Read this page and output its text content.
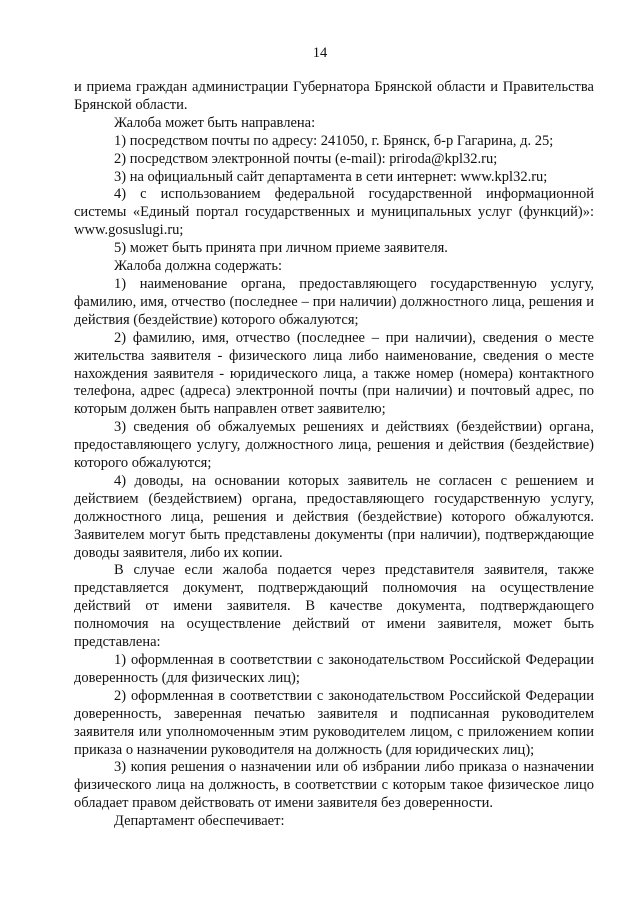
14

и приема граждан администрации Губернатора Брянской области и Правительства Брянской области.

Жалоба может быть направлена:

1) посредством почты по адресу: 241050, г. Брянск, б-р Гагарина, д. 25;

2) посредством электронной почты (e-mail): priroda@kpl32.ru;

3) на официальный сайт департамента в сети интернет: www.kpl32.ru;

4) с использованием федеральной государственной информационной системы «Единый портал государственных и муниципальных услуг (функций)»: www.gosuslugi.ru;

5) может быть принята при личном приеме заявителя.

Жалоба должна содержать:

1) наименование органа, предоставляющего государственную услугу, фамилию, имя, отчество (последнее – при наличии) должностного лица, решения и действия (бездействие) которого обжалуются;

2) фамилию, имя, отчество (последнее – при наличии), сведения о месте жительства заявителя - физического лица либо наименование, сведения о месте нахождения заявителя - юридического лица, а также номер (номера) контактного телефона, адрес (адреса) электронной почты (при наличии) и почтовый адрес, по которым должен быть направлен ответ заявителю;

3) сведения об обжалуемых решениях и действиях (бездействии) органа, предоставляющего услугу, должностного лица, решения и действия (бездействие) которого обжалуются;

4) доводы, на основании которых заявитель не согласен с решением и действием (бездействием) органа, предоставляющего государственную услугу, должностного лица, решения и действия (бездействие) которого обжалуются. Заявителем могут быть представлены документы (при наличии), подтверждающие доводы заявителя, либо их копии.

В случае если жалоба подается через представителя заявителя, также представляется документ, подтверждающий полномочия на осуществление действий от имени заявителя. В качестве документа, подтверждающего полномочия на осуществление действий от имени заявителя, может быть представлена:

1) оформленная в соответствии с законодательством Российской Федерации доверенность (для физических лиц);

2) оформленная в соответствии с законодательством Российской Федерации доверенность, заверенная печатью заявителя и подписанная руководителем заявителя или уполномоченным этим руководителем лицом, с приложением копии приказа о назначении руководителя на должность (для юридических лиц);

3) копия решения о назначении или об избрании либо приказа о назначении физического лица на должность, в соответствии с которым такое физическое лицо обладает правом действовать от имени заявителя без доверенности.

Департамент обеспечивает:
